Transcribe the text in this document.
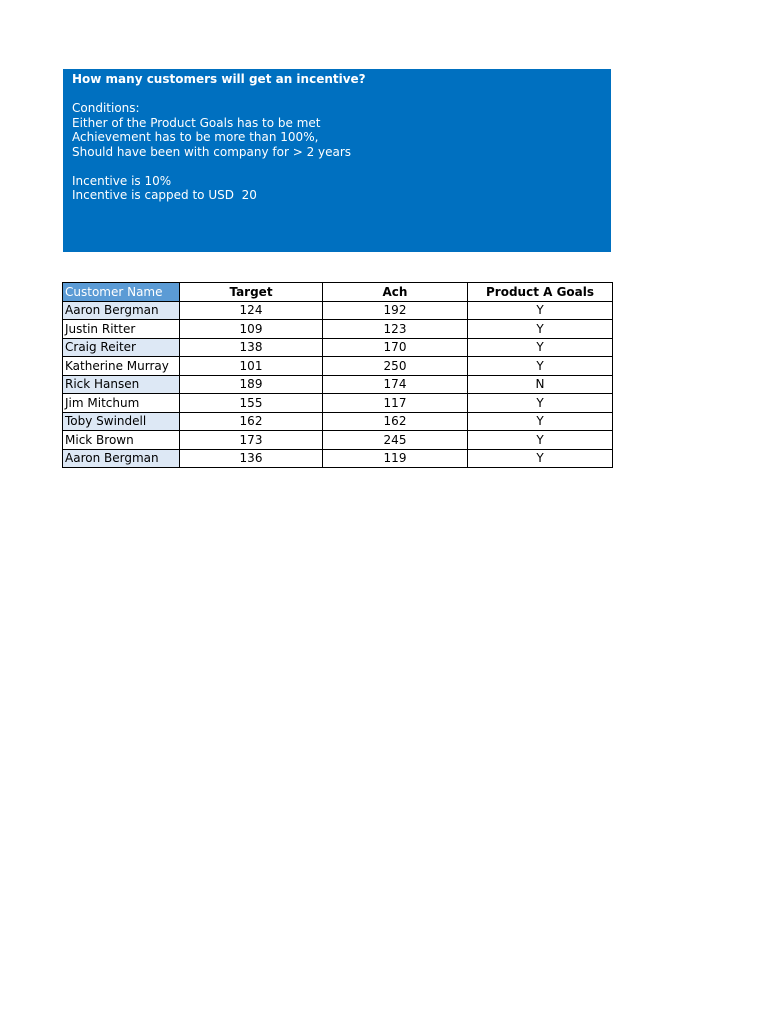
How many customers will get an incentive?
Conditions:
Either of the Product Goals has to be met
Achievement has to be more than 100%,
Should have been with company for > 2 years
Incentive is 10%
Incentive is capped to USD  20
Customer Name	Target	Ach	Product A Goals
Aaron Bergman	124	192	Y
Justin Ritter	109	123	Y
Craig Reiter	138	170	Y
Katherine Murray	101	250	Y
Rick Hansen	189	174	N
Jim Mitchum	155	117	Y
Toby Swindell	162	162	Y
Mick Brown	173	245	Y
Aaron Bergman	136	119	Y
